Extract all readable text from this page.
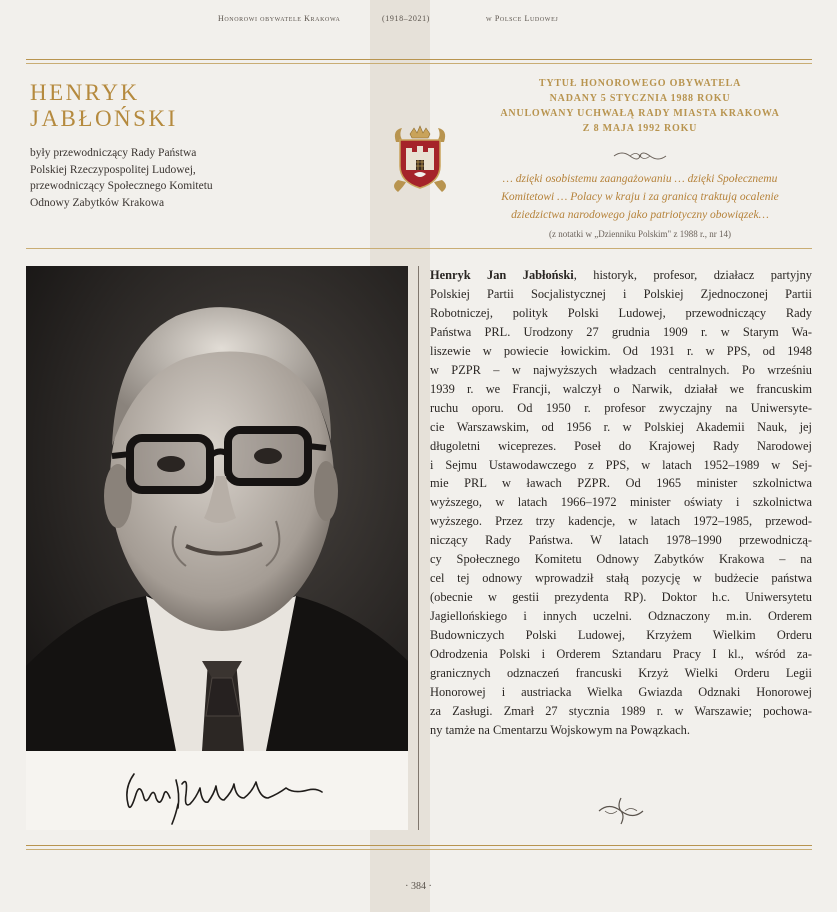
Honorowi obywatele Krakowa	(1918–2021)	w Polsce Ludowej
HENRYK
JABŁOŃSKI
były przewodniczący Rady Państwa
Polskiej Rzeczypospolitej Ludowej,
przewodniczący Społecznego Komitetu
Odnowy Zabytków Krakowa
TYTUŁ HONOROWEGO OBYWATELA
NADANY 5 STYCZNIA 1988 ROKU
ANULOWANY UCHWAŁĄ RADY MIASTA KRAKOWA
Z 8 MAJA 1992 ROKU
… dzięki osobistemu zaangażowaniu … dzięki Społecznemu
Komitetowi … Polacy w kraju i za granicą traktują ocalenie
dziedzictwa narodowego jako patriotyczny obowiązek…
(z notatki w „Dzienniku Polskim" z 1988 r., nr 14)
Henryk Jan Jabłoński, historyk, profesor, działacz partyjny
Polskiej Partii Socjalistycznej i Polskiej Zjednoczonej Partii
Robotniczej, polityk Polski Ludowej, przewodniczący Rady
Państwa PRL. Urodzony 27 grudnia 1909 r. w Starym Wa-
liszewie w powiecie łowickim. Od 1931 r. w PPS, od 1948
w PZPR – w najwyższych władzach centralnych. Po wrześniu
1939 r. we Francji, walczył o Narwik, działał we francuskim
ruchu oporu. Od 1950 r. profesor zwyczajny na Uniwersyte-
cie Warszawskim, od 1956 r. w Polskiej Akademii Nauk, jej
długoletni wiceprezes. Poseł do Krajowej Rady Narodowej
i Sejmu Ustawodawczego z PPS, w latach 1952–1989 w Sej-
mie PRL w ławach PZPR. Od 1965 minister szkolnictwa
wyższego, w latach 1966–1972 minister oświaty i szkolnictwa
wyższego. Przez trzy kadencje, w latach 1972–1985, przewod-
niczący Rady Państwa. W latach 1978–1990 przewodniczą-
cy Społecznego Komitetu Odnowy Zabytków Krakowa – na
cel tej odnowy wprowadził stałą pozycję w budżecie państwa
(obecnie w gestii prezydenta RP). Doktor h.c. Uniwersytetu
Jagiellońskiego i innych uczelni. Odznaczony m.in. Orderem
Budowniczych Polski Ludowej, Krzyżem Wielkim Orderu
Odrodzenia Polski i Orderem Sztandaru Pracy I kl., wśród za-
granicznych odznaczeń francuski Krzyż Wielki Orderu Legii
Honorowej i austriacka Wielka Gwiazda Odznaki Honorowej
za Zasługi. Zmarł 27 stycznia 1989 r. w Warszawie; pochowa-
ny tamże na Cmentarzu Wojskowym na Powązkach.
· 384 ·
